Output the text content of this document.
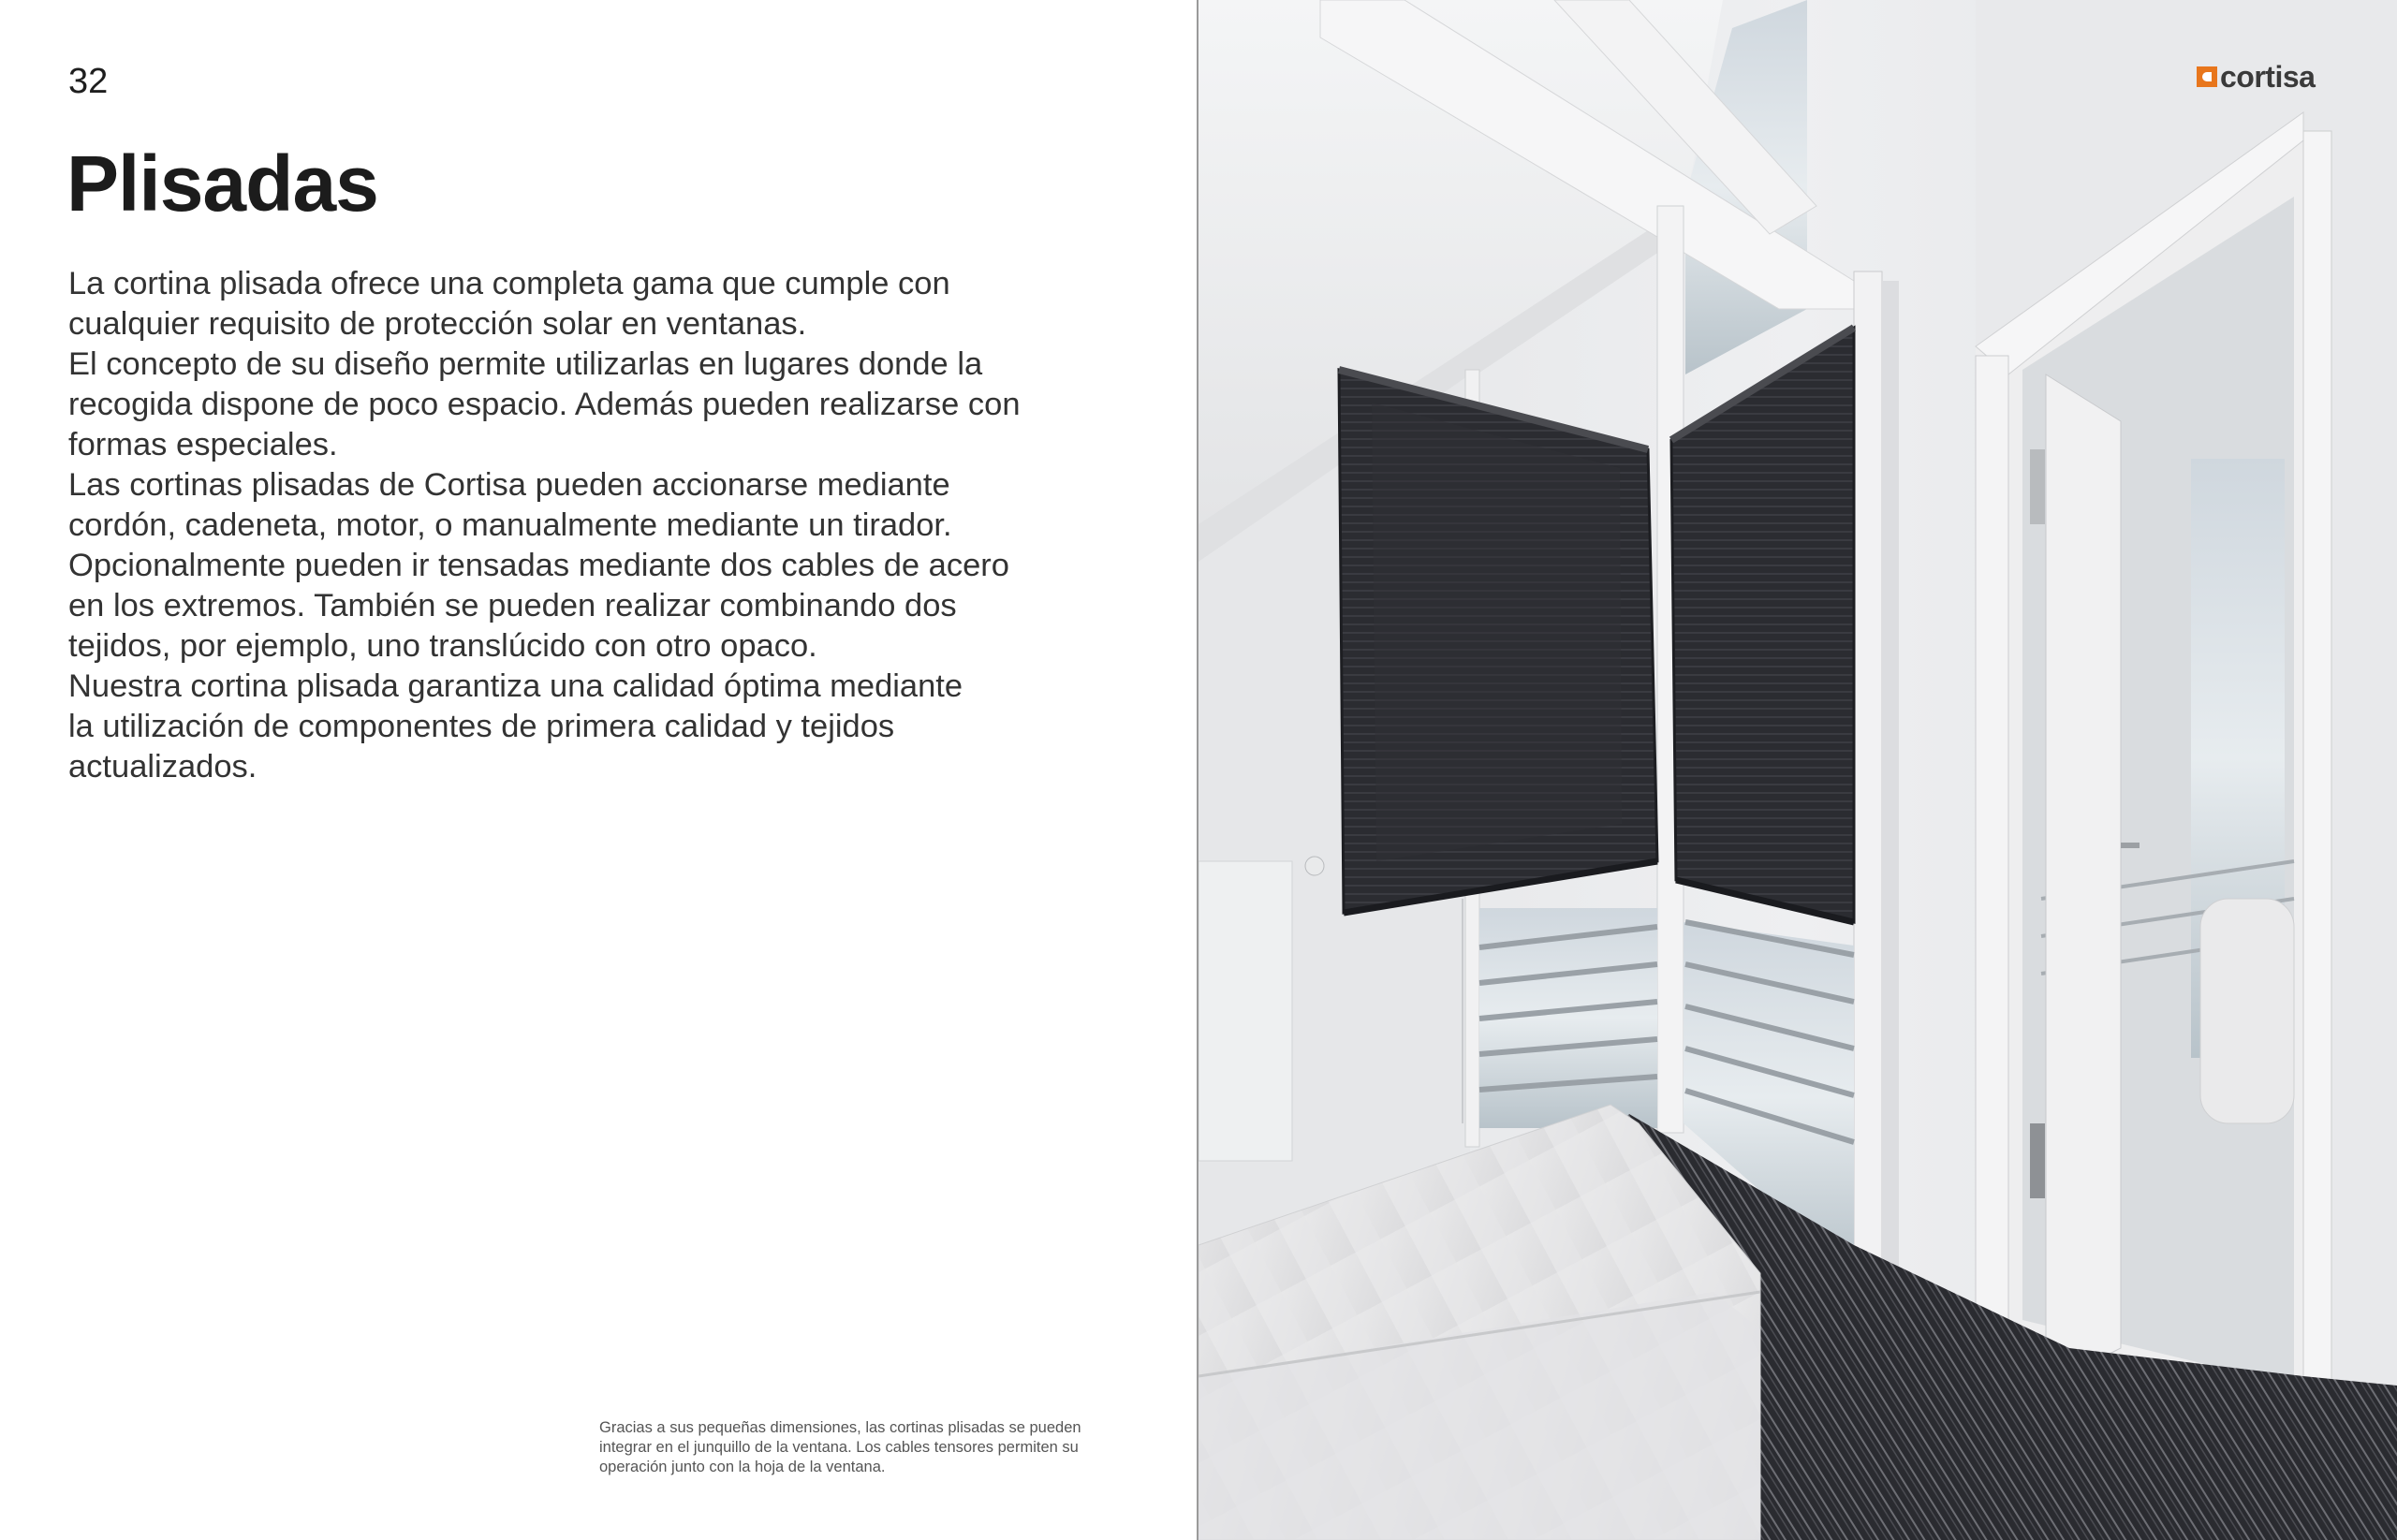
32
Plisadas

La cortina plisada ofrece una completa gama que cumple con
cualquier requisito de protección solar en ventanas.
El concepto de su diseño permite utilizarlas en lugares donde la
recogida dispone de poco espacio. Además pueden realizarse con
formas especiales.
Las cortinas plisadas de Cortisa pueden accionarse mediante
cordón, cadeneta, motor, o manualmente mediante un tirador.
Opcionalmente pueden ir tensadas mediante dos cables de acero
en los extremos. También se pueden realizar combinando dos
tejidos, por ejemplo, uno translúcido con otro opaco.
Nuestra cortina plisada garantiza una calidad óptima mediante
la utilización de componentes de primera calidad y tejidos
actualizados.

Gracias a sus pequeñas dimensiones, las cortinas plisadas se pueden
integrar en el junquillo de la ventana. Los cables tensores permiten su
operación junto con la hoja de la ventana.
cortisa
